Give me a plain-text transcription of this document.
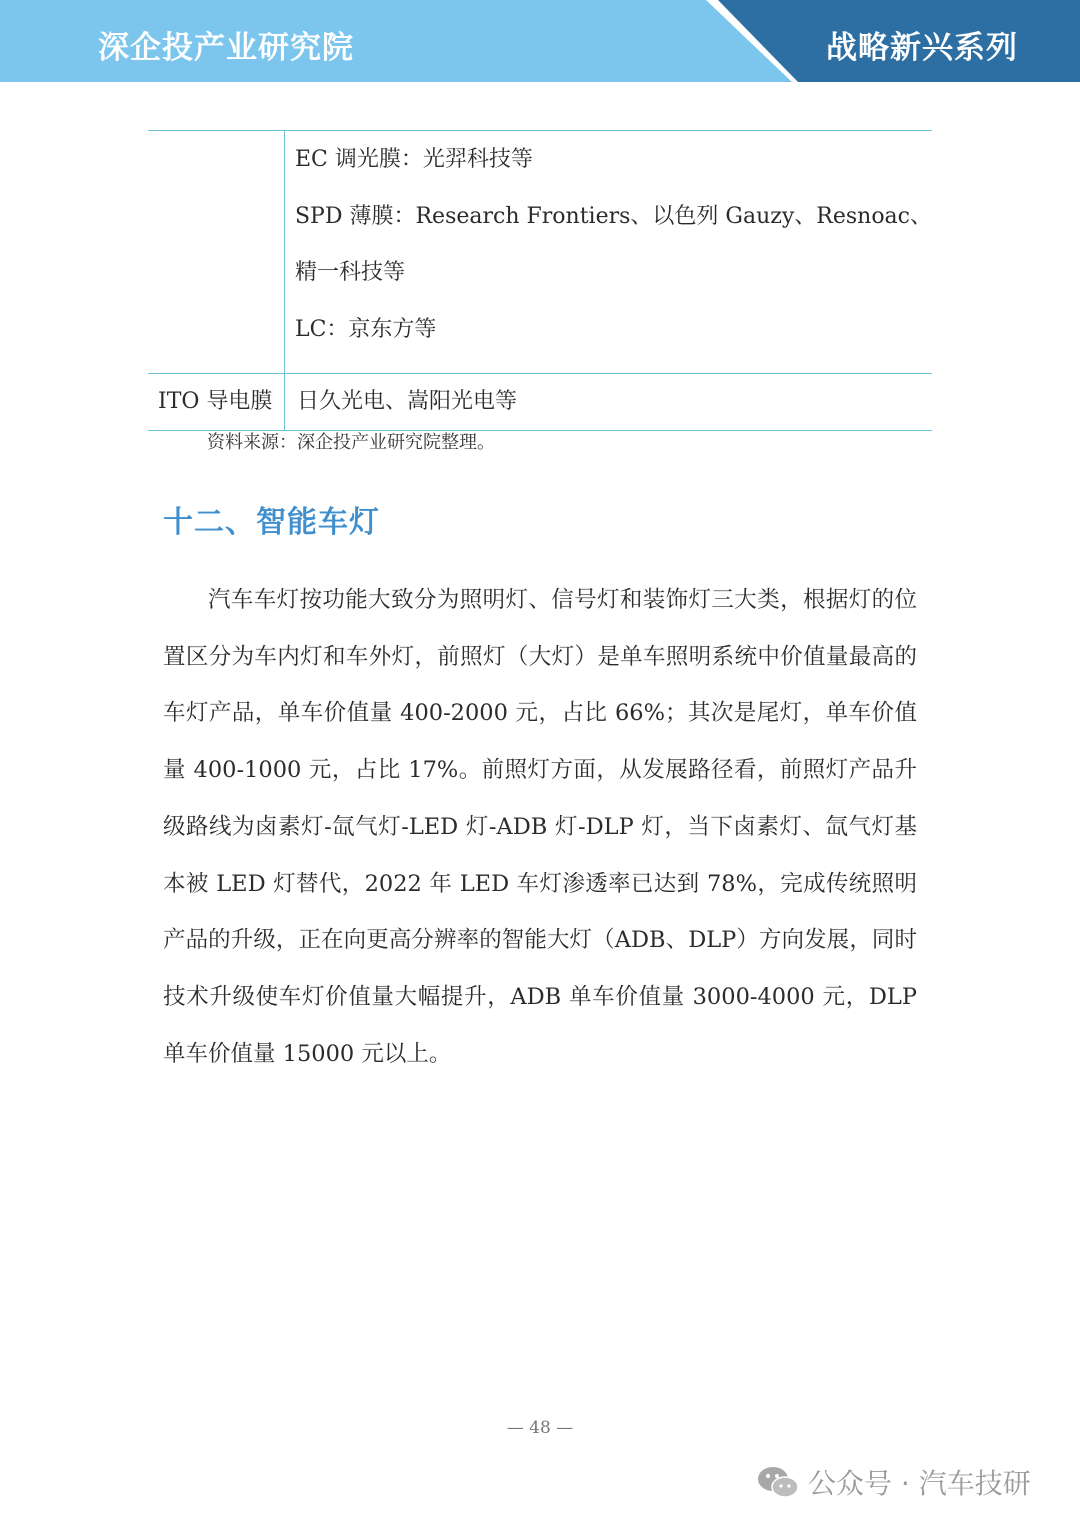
深企投产业研究院	战略新兴系列

	EC 调光膜：光羿科技等
SPD 薄膜：Research Frontiers、以色列 Gauzy、Resnoac、
精一科技等
LC：京东方等

ITO 导电膜	日久光电、嵩阳光电等
资料来源：深企投产业研究院整理。
十二、智能车灯

汽车车灯按功能大致分为照明灯、信号灯和装饰灯三大类，根据灯的位置区分为车内灯和车外灯，前照灯（大灯）是单车照明系统中价值量最高的车灯产品，单车价值量 400-2000 元，占比 66%；其次是尾灯，单车价值量 400-1000 元，占比 17%。前照灯方面，从发展路径看，前照灯产品升级路线为卤素灯-氙气灯-LED 灯-ADB 灯-DLP 灯，当下卤素灯、氙气灯基本被 LED 灯替代，2022 年 LED 车灯渗透率已达到 78%，完成传统照明产品的升级，正在向更高分辨率的智能大灯（ADB、DLP）方向发展，同时技术升级使车灯价值量大幅提升，ADB 单车价值量 3000-4000 元，DLP 单车价值量 15000 元以上。

— 48 —
公众号 · 汽车技研
